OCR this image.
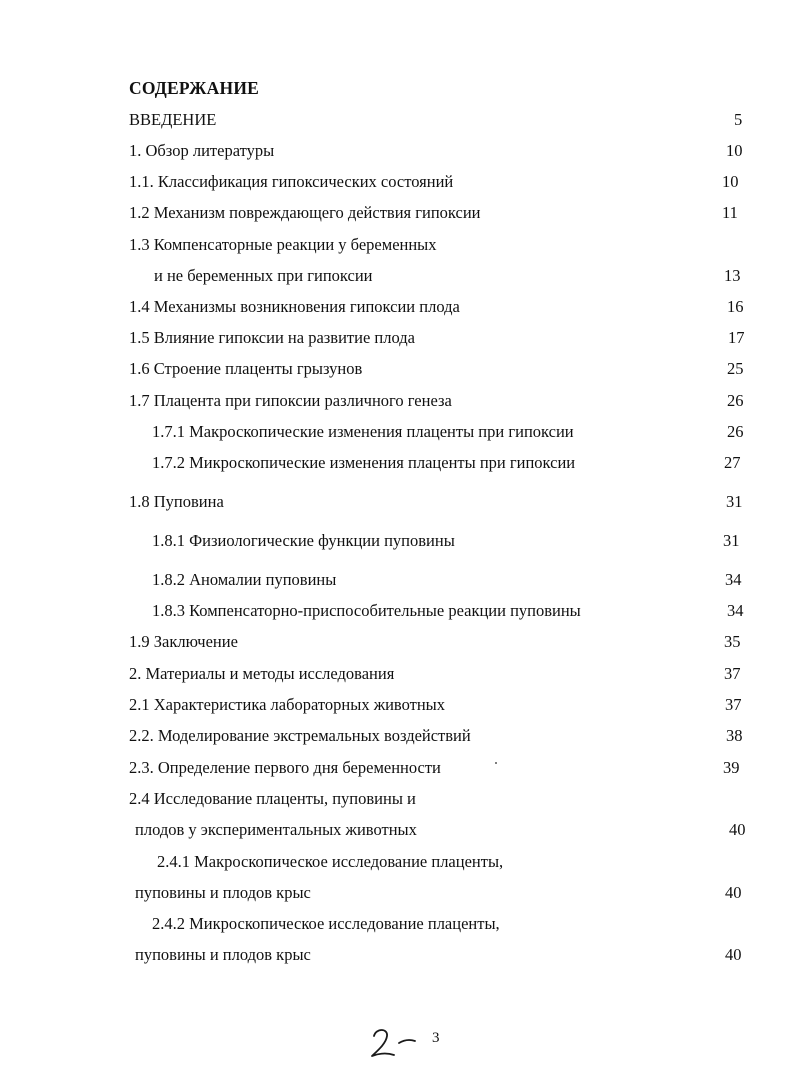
СОДЕРЖАНИЕ
ВВЕДЕНИЕ	5
1. Обзор литературы	10
1.1. Классификация гипоксических состояний	10
1.2 Механизм повреждающего действия гипоксии	11
1.3 Компенсаторные реакции у беременных
и не беременных при гипоксии	13
1.4 Механизмы возникновения гипоксии плода	16
1.5 Влияние гипоксии на развитие плода	17
1.6 Строение плаценты грызунов	25
1.7 Плацента при гипоксии различного генеза	26
1.7.1 Макроскопические изменения плаценты при гипоксии	26
1.7.2 Микроскопические изменения плаценты при гипоксии	27
1.8 Пуповина	31
1.8.1 Физиологические функции пуповины	31
1.8.2 Аномалии пуповины	34
1.8.3 Компенсаторно-приспособительные реакции пуповины	34
1.9 Заключение	35
2. Материалы и методы исследования	37
2.1 Характеристика лабораторных животных	37
2.2. Моделирование экстремальных воздействий	38
2.3. Определение первого дня беременности	39
2.4 Исследование плаценты, пуповины и
плодов у экспериментальных животных	40
2.4.1 Макроскопическое исследование плаценты,
пуповины и плодов крыс	40
2.4.2 Микроскопическое исследование плаценты,
пуповины и плодов крыс	40
3
